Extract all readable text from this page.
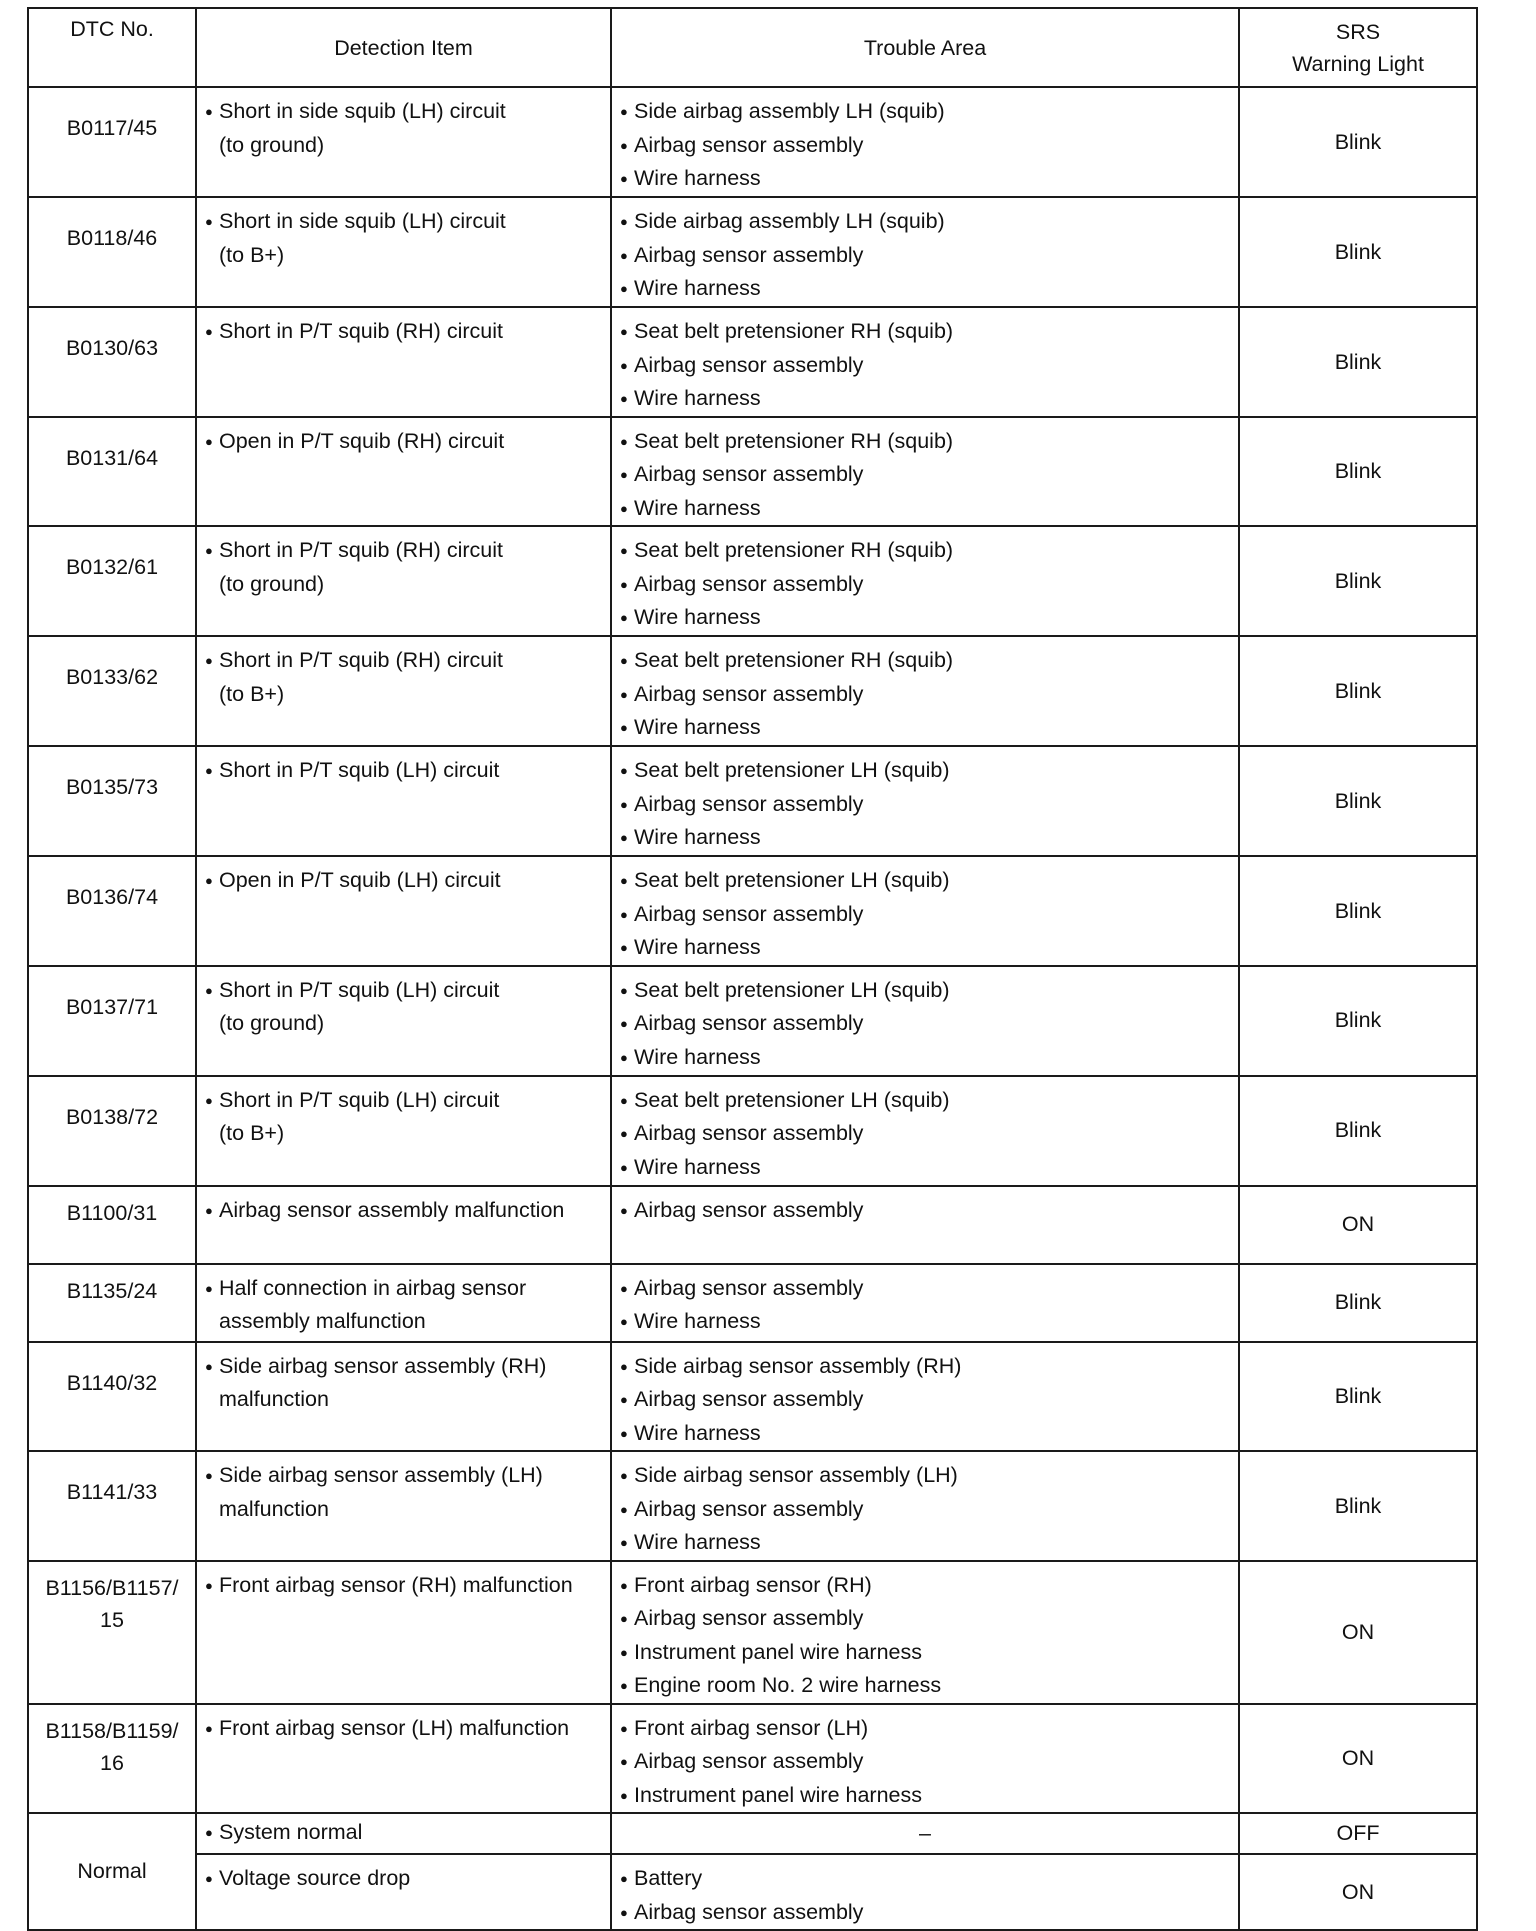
DTC No.	Detection Item	Trouble Area	SRS
Warning Light

B0117/45	● Short in side squib (LH) circuit
(to ground)	● Side airbag assembly LH (squib)
● Airbag sensor assembly
● Wire harness	Blink

B0118/46	● Short in side squib (LH) circuit
(to B+)	● Side airbag assembly LH (squib)
● Airbag sensor assembly
● Wire harness	Blink

B0130/63	● Short in P/T squib (RH) circuit	● Seat belt pretensioner RH (squib)
● Airbag sensor assembly
● Wire harness	Blink

B0131/64	● Open in P/T squib (RH) circuit	● Seat belt pretensioner RH (squib)
● Airbag sensor assembly
● Wire harness	Blink

B0132/61	● Short in P/T squib (RH) circuit
(to ground)	● Seat belt pretensioner RH (squib)
● Airbag sensor assembly
● Wire harness	Blink

B0133/62	● Short in P/T squib (RH) circuit
(to B+)	● Seat belt pretensioner RH (squib)
● Airbag sensor assembly
● Wire harness	Blink

B0135/73	● Short in P/T squib (LH) circuit	● Seat belt pretensioner LH (squib)
● Airbag sensor assembly
● Wire harness	Blink

B0136/74	● Open in P/T squib (LH) circuit	● Seat belt pretensioner LH (squib)
● Airbag sensor assembly
● Wire harness	Blink

B0137/71	● Short in P/T squib (LH) circuit
(to ground)	● Seat belt pretensioner LH (squib)
● Airbag sensor assembly
● Wire harness	Blink

B0138/72	● Short in P/T squib (LH) circuit
(to B+)	● Seat belt pretensioner LH (squib)
● Airbag sensor assembly
● Wire harness	Blink

B1100/31	● Airbag sensor assembly malfunction	● Airbag sensor assembly	ON

B1135/24	● Half connection in airbag sensor
assembly malfunction	● Airbag sensor assembly
● Wire harness	Blink

B1140/32	● Side airbag sensor assembly (RH)
malfunction	● Side airbag sensor assembly (RH)
● Airbag sensor assembly
● Wire harness	Blink

B1141/33	● Side airbag sensor assembly (LH)
malfunction	● Side airbag sensor assembly (LH)
● Airbag sensor assembly
● Wire harness	Blink

B1156/B1157/
15	● Front airbag sensor (RH) malfunction	● Front airbag sensor (RH)
● Airbag sensor assembly
● Instrument panel wire harness
● Engine room No. 2 wire harness	ON

B1158/B1159/
16	● Front airbag sensor (LH) malfunction	● Front airbag sensor (LH)
● Airbag sensor assembly
● Instrument panel wire harness	ON
Normal	● System normal	–	OFF

	● Voltage source drop	● Battery
● Airbag sensor assembly	ON
